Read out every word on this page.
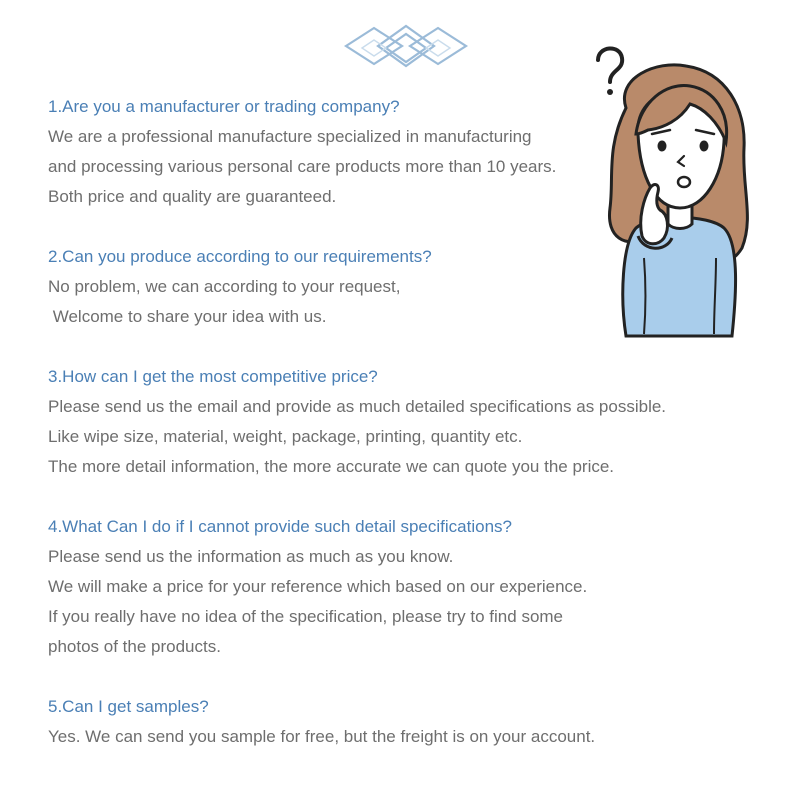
1.Are you a manufacturer or trading company?
We are a professional manufacture specialized in manufacturing
and processing various personal care products more than 10 years.
Both price and quality are guaranteed.
2.Can you produce according to our requirements?
No problem, we can according to your request,
Welcome to share your idea with us.
3.How can I get the most competitive price?
Please send us the email and provide as much detailed specifications as possible.
Like wipe size, material, weight, package, printing, quantity etc.
The more detail information, the more accurate we can quote you the price.
4.What Can I do if I cannot provide such detail specifications?
Please send us the information as much as you know.
We will make a price for your reference which based on our experience.
If you really have no idea of the specification, please try to find some
photos of the products.
5.Can I get samples?
Yes. We can send you sample for free, but the freight is on your account.
